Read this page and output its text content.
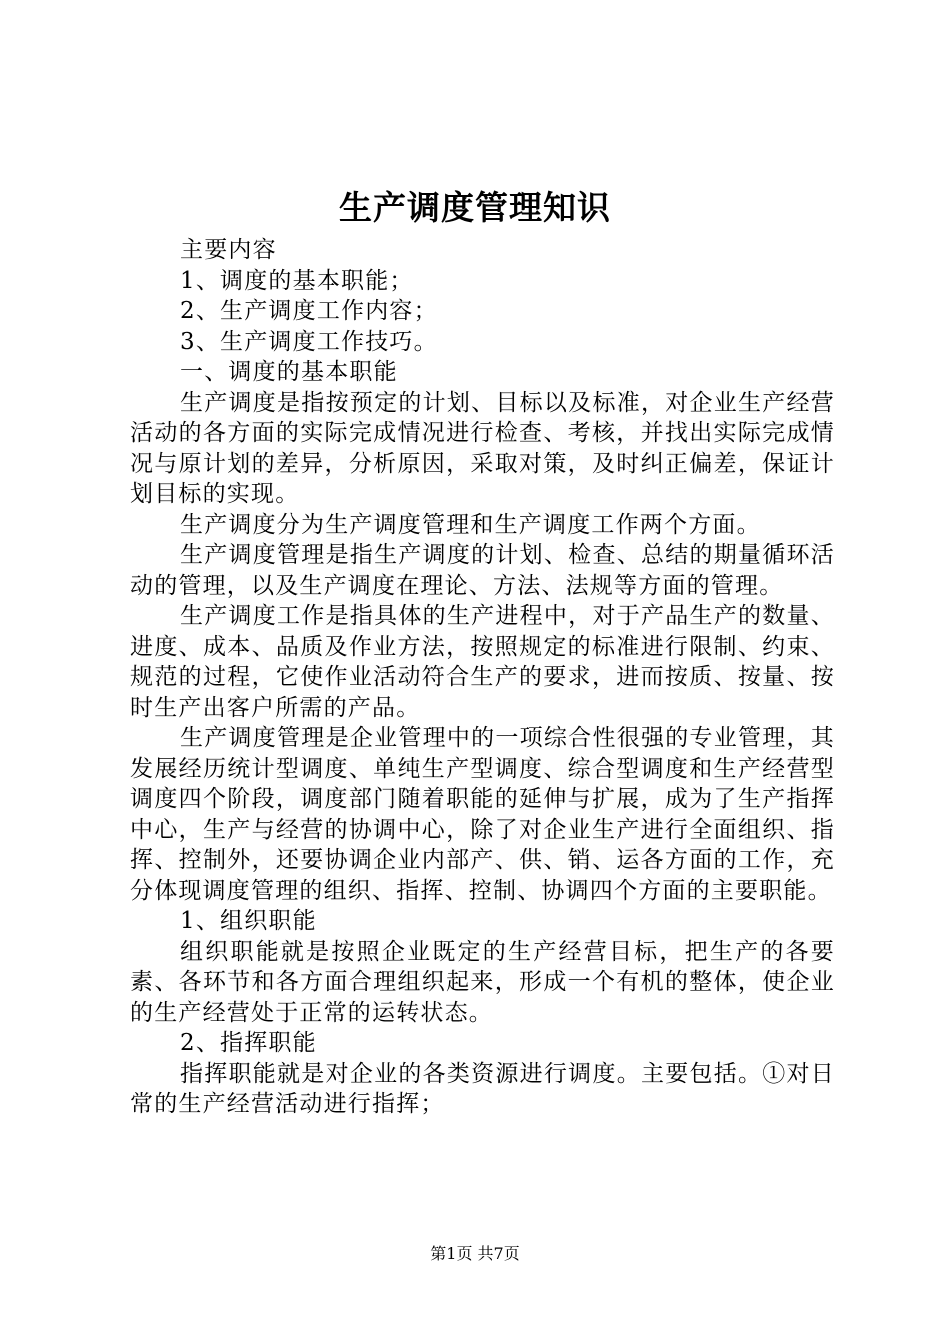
生产调度管理知识

主要内容

1、调度的基本职能；

2、生产调度工作内容；

3、生产调度工作技巧。

一、调度的基本职能

生产调度是指按预定的计划、目标以及标准，对企业生产经营活动的各方面的实际完成情况进行检查、考核，并找出实际完成情况与原计划的差异，分析原因，采取对策，及时纠正偏差，保证计划目标的实现。

生产调度分为生产调度管理和生产调度工作两个方面。

生产调度管理是指生产调度的计划、检查、总结的期量循环活动的管理，以及生产调度在理论、方法、法规等方面的管理。

生产调度工作是指具体的生产进程中，对于产品生产的数量、进度、成本、品质及作业方法，按照规定的标准进行限制、约束、规范的过程，它使作业活动符合生产的要求，进而按质、按量、按时生产出客户所需的产品。

生产调度管理是企业管理中的一项综合性很强的专业管理，其发展经历统计型调度、单纯生产型调度、综合型调度和生产经营型调度四个阶段，调度部门随着职能的延伸与扩展，成为了生产指挥中心，生产与经营的协调中心，除了对企业生产进行全面组织、指挥、控制外，还要协调企业内部产、供、销、运各方面的工作，充分体现调度管理的组织、指挥、控制、协调四个方面的主要职能。

1、组织职能

组织职能就是按照企业既定的生产经营目标，把生产的各要素、各环节和各方面合理组织起来，形成一个有机的整体，使企业的生产经营处于正常的运转状态。

2、指挥职能

指挥职能就是对企业的各类资源进行调度。主要包括。①对日常的生产经营活动进行指挥；

第1页 共7页
